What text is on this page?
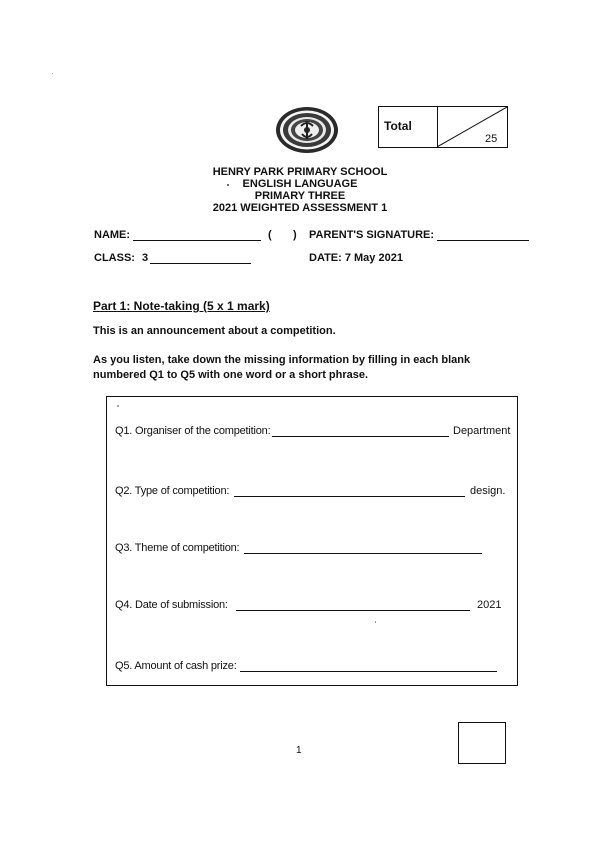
Total
25
HENRY PARK PRIMARY SCHOOL
ENGLISH LANGUAGE
PRIMARY THREE
2021 WEIGHTED ASSESSMENT 1
NAME:	( ) PARENT'S SIGNATURE:
CLASS: 3	DATE: 7 May 2021
Part 1: Note-taking (5 x 1 mark)
This is an announcement about a competition.
As you listen, take down the missing information by filling in each blank
numbered Q1 to Q5 with one word or a short phrase.
Q1. Organiser of the competition:	Department
Q2. Type of competition:	design.
Q3. Theme of competition:
Q4. Date of submission:	2021
Q5. Amount of cash prize:
1
